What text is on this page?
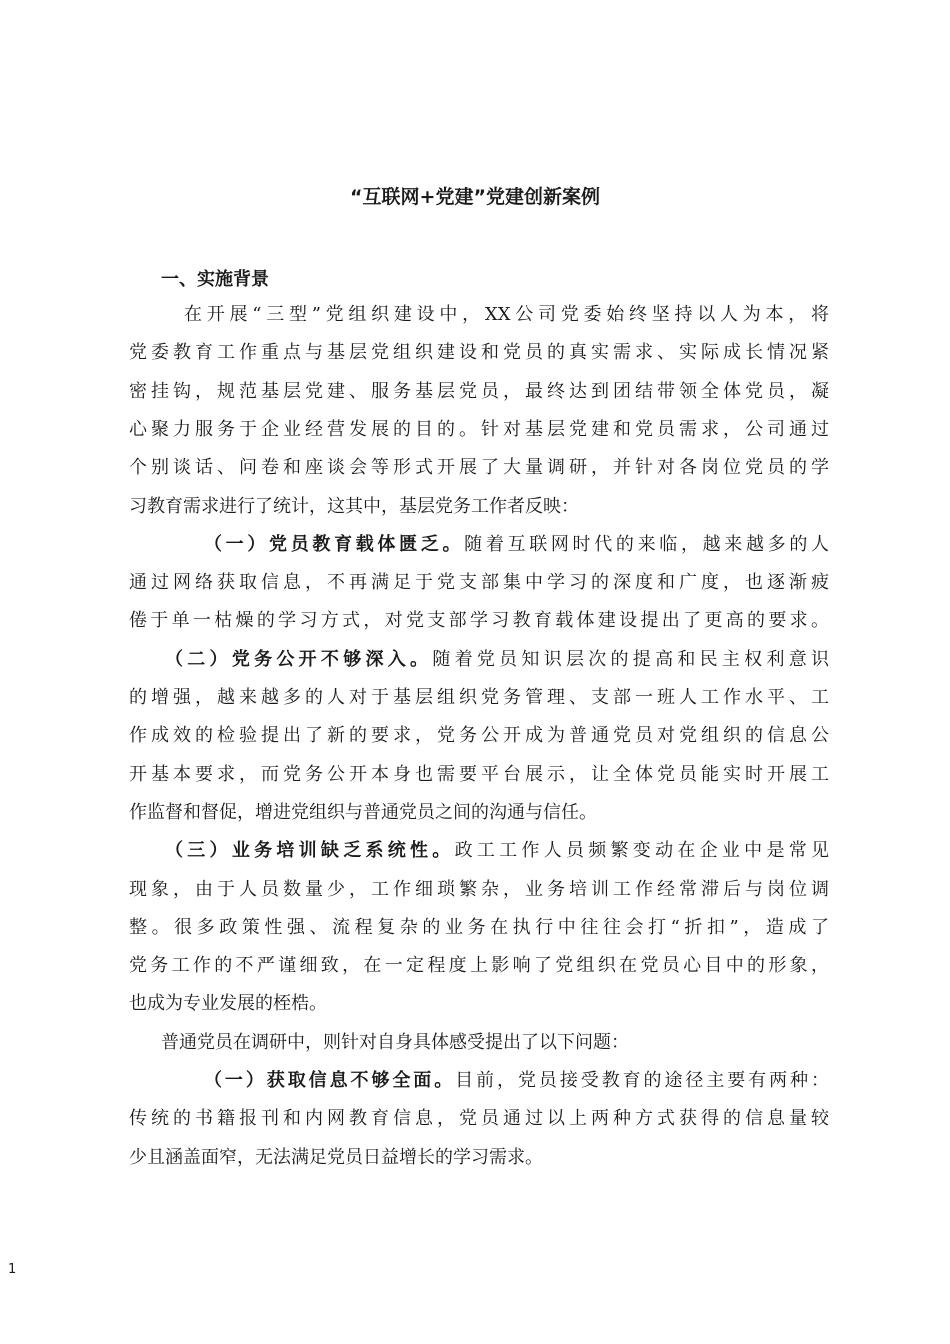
“互联网+党建”党建创新案例
一、实施背景
在开展“三型”党组织建设中，XX公司党委始终坚持以人为本，将
党委教育工作重点与基层党组织建设和党员的真实需求、实际成长情况紧
密挂钩，规范基层党建、服务基层党员，最终达到团结带领全体党员，凝
心聚力服务于企业经营发展的目的。针对基层党建和党员需求，公司通过
个别谈话、问卷和座谈会等形式开展了大量调研，并针对各岗位党员的学
习教育需求进行了统计，这其中，基层党务工作者反映：
（一）党员教育载体匮乏。随着互联网时代的来临，越来越多的人
通过网络获取信息，不再满足于党支部集中学习的深度和广度，也逐渐疲
倦于单一枯燥的学习方式，对党支部学习教育载体建设提出了更高的要求。
（二）党务公开不够深入。随着党员知识层次的提高和民主权利意识
的增强，越来越多的人对于基层组织党务管理、支部一班人工作水平、工
作成效的检验提出了新的要求，党务公开成为普通党员对党组织的信息公
开基本要求，而党务公开本身也需要平台展示，让全体党员能实时开展工
作监督和督促，增进党组织与普通党员之间的沟通与信任。
（三）业务培训缺乏系统性。政工工作人员频繁变动在企业中是常见
现象，由于人员数量少，工作细琐繁杂，业务培训工作经常滞后与岗位调
整。很多政策性强、流程复杂的业务在执行中往往会打“折扣”，造成了
党务工作的不严谨细致，在一定程度上影响了党组织在党员心目中的形象，
也成为专业发展的桎梏。
普通党员在调研中，则针对自身具体感受提出了以下问题：
（一）获取信息不够全面。目前，党员接受教育的途径主要有两种：
传统的书籍报刊和内网教育信息，党员通过以上两种方式获得的信息量较
少且涵盖面窄，无法满足党员日益增长的学习需求。
1
